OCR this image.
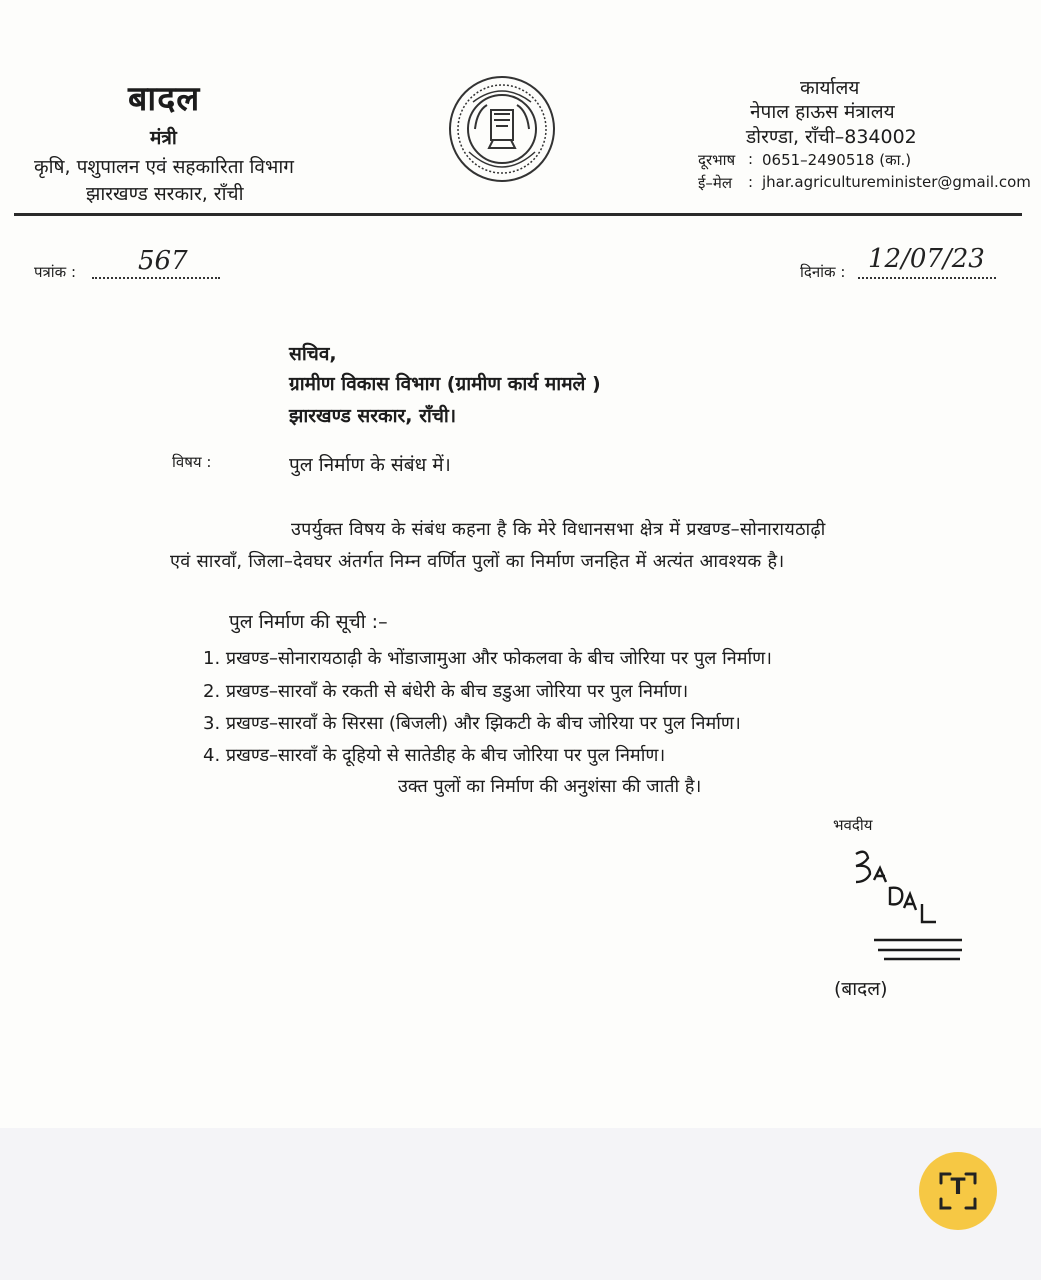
बादल
मंत्री
कृषि, पशुपालन एवं सहकारिता विभाग
झारखण्ड सरकार, राँची
कार्यालय
नेपाल हाऊस मंत्रालय
डोरण्डा, राँची–834002
दूरभाष : 0651–2490518 (का.)
ई–मेल : jhar.agricultureminister@gmail.com
पत्रांक : 567	दिनांक : 12/07/23
सचिव,
ग्रामीण विकास विभाग (ग्रामीण कार्य मामले )
झारखण्ड सरकार, राँची।
विषय :	पुल निर्माण के संबंध में।
उपर्युक्त विषय के संबंध कहना है कि मेरे विधानसभा क्षेत्र में प्रखण्ड–सोनारायठाढ़ी
एवं सारवाँ, जिला–देवघर अंतर्गत निम्न वर्णित पुलों का निर्माण जनहित में अत्यंत आवश्यक है।
पुल निर्माण की सूची :–
1. प्रखण्ड–सोनारायठाढ़ी के भोंडाजामुआ और फोकलवा के बीच जोरिया पर पुल निर्माण।
2. प्रखण्ड–सारवाँ के रकती से बंधेरी के बीच डडुआ जोरिया पर पुल निर्माण।
3. प्रखण्ड–सारवाँ के सिरसा (बिजली) और झिकटी के बीच जोरिया पर पुल निर्माण।
4. प्रखण्ड–सारवाँ के दूहियो से सातेडीह के बीच जोरिया पर पुल निर्माण।
उक्त पुलों का निर्माण की अनुशंसा की जाती है।
भवदीय
(बादल)
T
